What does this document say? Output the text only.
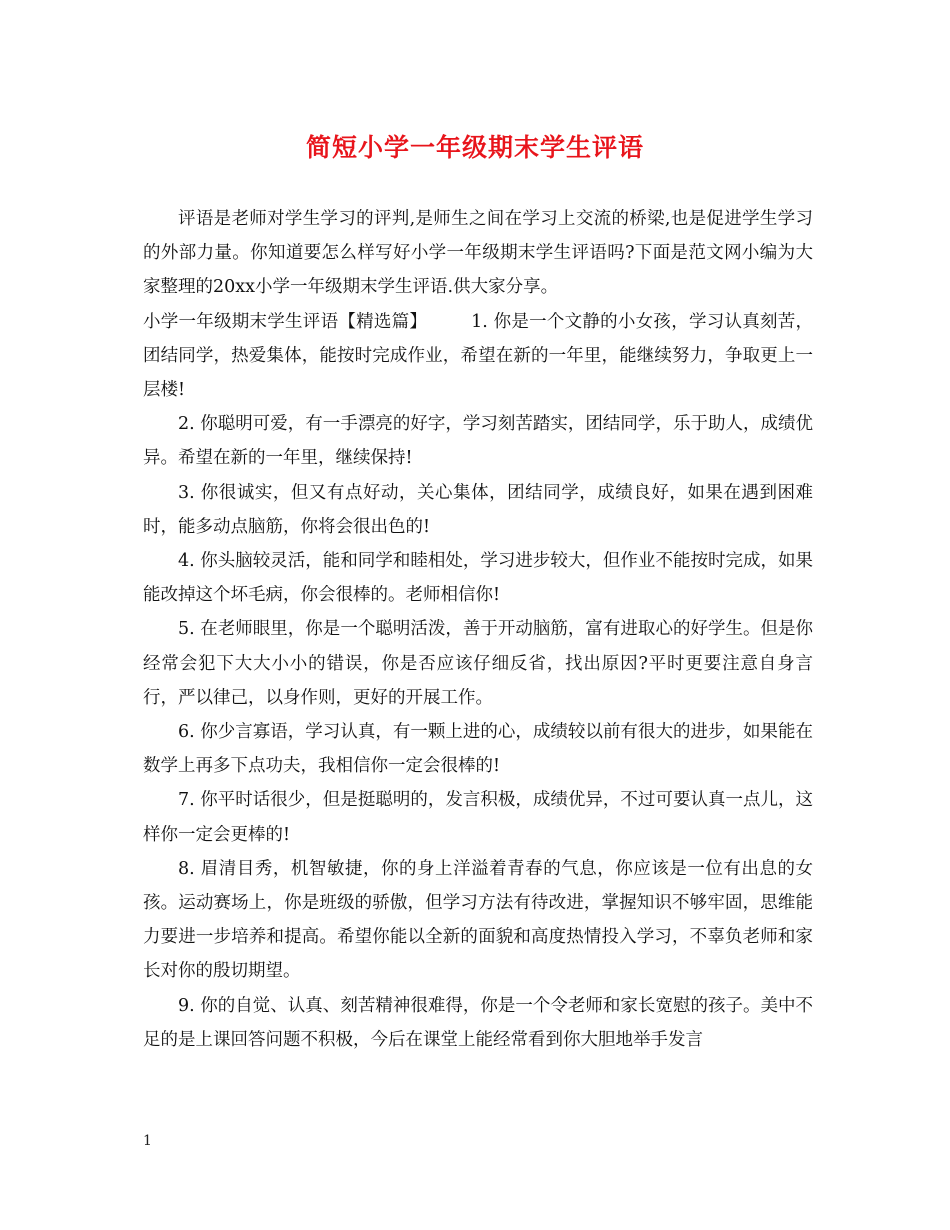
简短小学一年级期末学生评语

评语是老师对学生学习的评判,是师生之间在学习上交流的桥梁,也是促进学生学习的外部力量。你知道要怎么样写好小学一年级期末学生评语吗?下面是范文网小编为大家整理的20xx小学一年级期末学生评语.供大家分享。

小学一年级期末学生评语【精选篇】	1. 你是一个文静的小女孩，学习认真刻苦，团结同学，热爱集体，能按时完成作业，希望在新的一年里，能继续努力，争取更上一层楼!

2. 你聪明可爱，有一手漂亮的好字，学习刻苦踏实，团结同学，乐于助人，成绩优异。希望在新的一年里，继续保持!

3. 你很诚实，但又有点好动，关心集体，团结同学，成绩良好，如果在遇到困难时，能多动点脑筋，你将会很出色的!

4. 你头脑较灵活，能和同学和睦相处，学习进步较大，但作业不能按时完成，如果能改掉这个坏毛病，你会很棒的。老师相信你!

5. 在老师眼里，你是一个聪明活泼，善于开动脑筋，富有进取心的好学生。但是你经常会犯下大大小小的错误，你是否应该仔细反省，找出原因?平时更要注意自身言行，严以律己，以身作则，更好的开展工作。

6. 你少言寡语，学习认真，有一颗上进的心，成绩较以前有很大的进步，如果能在数学上再多下点功夫，我相信你一定会很棒的!

7. 你平时话很少，但是挺聪明的，发言积极，成绩优异，不过可要认真一点儿，这样你一定会更棒的!

8. 眉清目秀，机智敏捷，你的身上洋溢着青春的气息，你应该是一位有出息的女孩。运动赛场上，你是班级的骄傲，但学习方法有待改进，掌握知识不够牢固，思维能力要进一步培养和提高。希望你能以全新的面貌和高度热情投入学习，不辜负老师和家长对你的殷切期望。

9. 你的自觉、认真、刻苦精神很难得，你是一个令老师和家长宽慰的孩子。美中不足的是上课回答问题不积极，今后在课堂上能经常看到你大胆地举手发言

1
